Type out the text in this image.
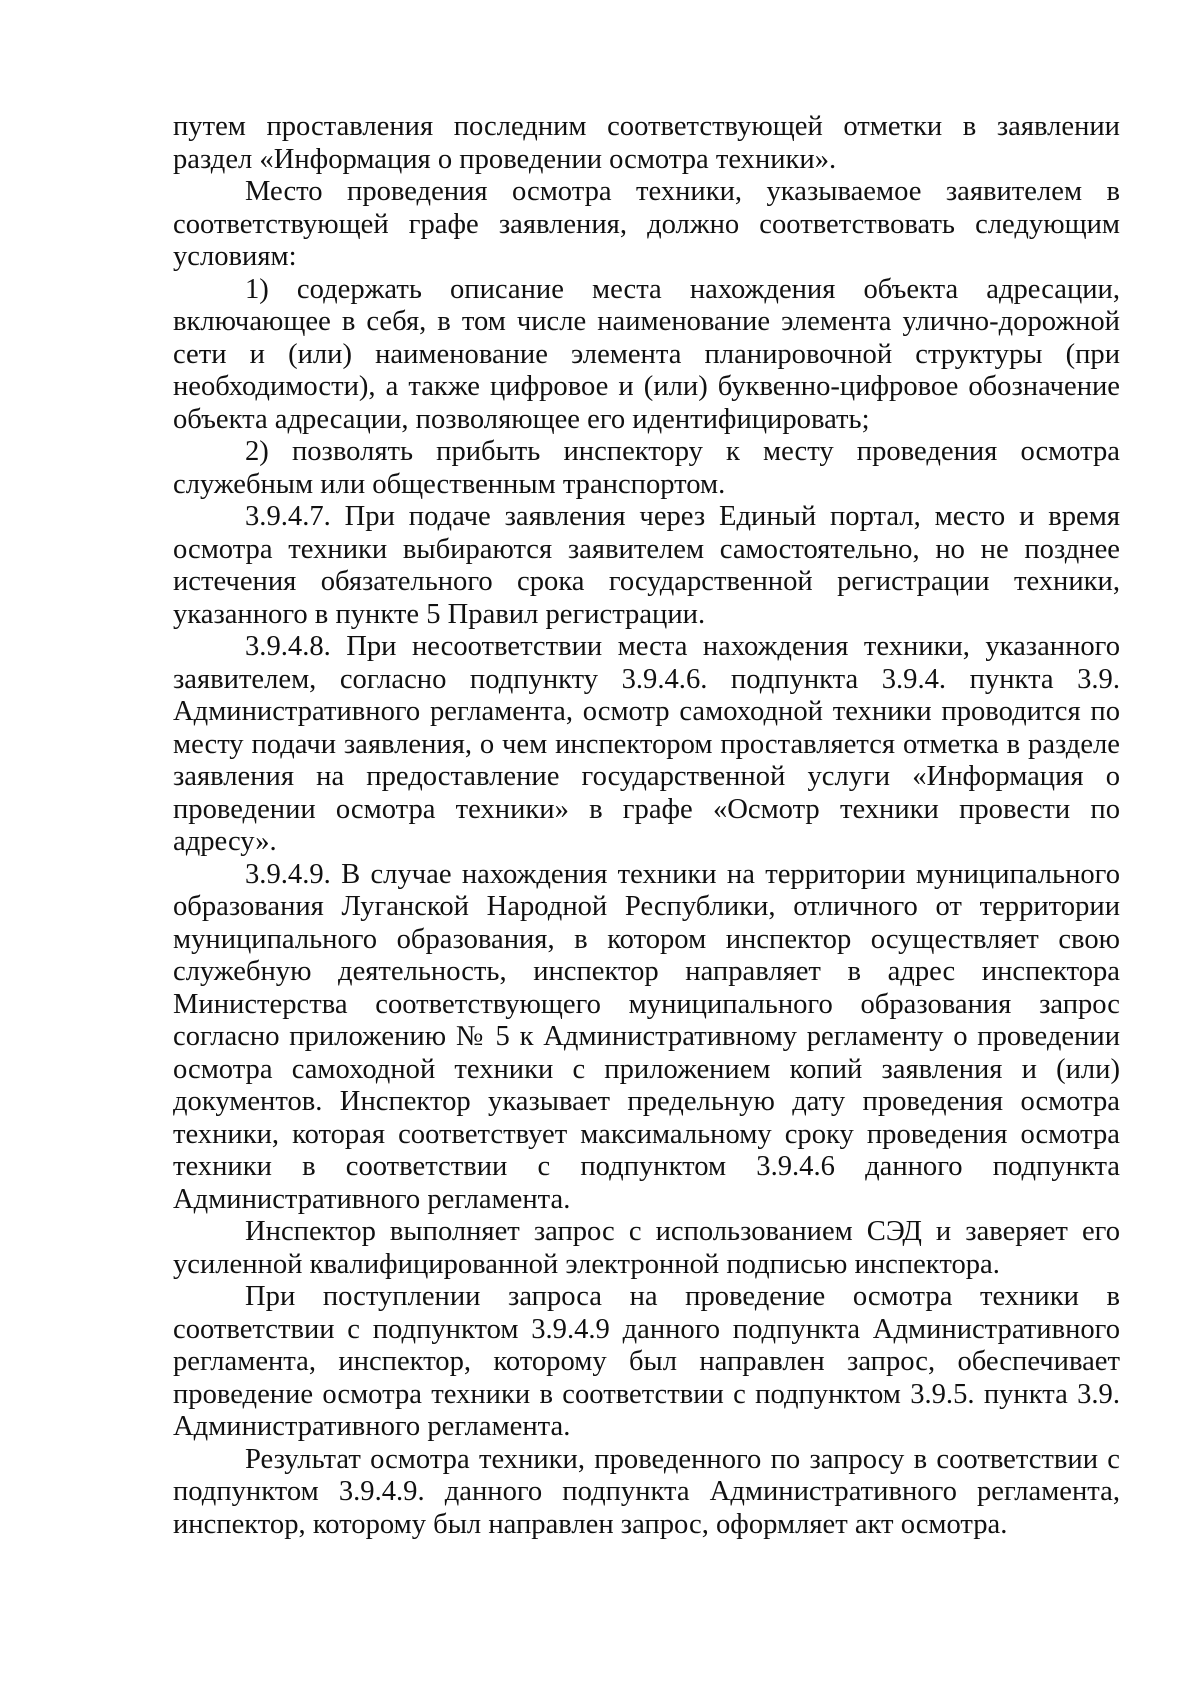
путем проставления последним соответствующей отметки в заявлении раздел «Информация о проведении осмотра техники».

Место проведения осмотра техники, указываемое заявителем в соответствующей графе заявления, должно соответствовать следующим условиям:

1) содержать описание места нахождения объекта адресации, включающее в себя, в том числе наименование элемента улично-дорожной сети и (или) наименование элемента планировочной структуры (при необходимости), а также цифровое и (или) буквенно-цифровое обозначение объекта адресации, позволяющее его идентифицировать;

2) позволять прибыть инспектору к месту проведения осмотра служебным или общественным транспортом.

3.9.4.7. При подаче заявления через Единый портал, место и время осмотра техники выбираются заявителем самостоятельно, но не позднее истечения обязательного срока государственной регистрации техники, указанного в пункте 5 Правил регистрации.

3.9.4.8. При несоответствии места нахождения техники, указанного заявителем, согласно подпункту 3.9.4.6. подпункта 3.9.4. пункта 3.9. Административного регламента, осмотр самоходной техники проводится по месту подачи заявления, о чем инспектором проставляется отметка в разделе заявления на предоставление государственной услуги «Информация о проведении осмотра техники» в графе «Осмотр техники провести по адресу».

3.9.4.9. В случае нахождения техники на территории муниципального образования Луганской Народной Республики, отличного от территории муниципального образования, в котором инспектор осуществляет свою служебную деятельность, инспектор направляет в адрес инспектора Министерства соответствующего муниципального образования запрос согласно приложению № 5 к Административному регламенту о проведении осмотра самоходной техники с приложением копий заявления и (или) документов. Инспектор указывает предельную дату проведения осмотра техники, которая соответствует максимальному сроку проведения осмотра техники в соответствии с подпунктом 3.9.4.6 данного подпункта Административного регламента.

Инспектор выполняет запрос с использованием СЭД и заверяет его усиленной квалифицированной электронной подписью инспектора.

При поступлении запроса на проведение осмотра техники в соответствии с подпунктом 3.9.4.9 данного подпункта Административного регламента, инспектор, которому был направлен запрос, обеспечивает проведение осмотра техники в соответствии с подпунктом 3.9.5. пункта 3.9. Административного регламента.

Результат осмотра техники, проведенного по запросу в соответствии с подпунктом 3.9.4.9. данного подпункта Административного регламента, инспектор, которому был направлен запрос, оформляет акт осмотра.
